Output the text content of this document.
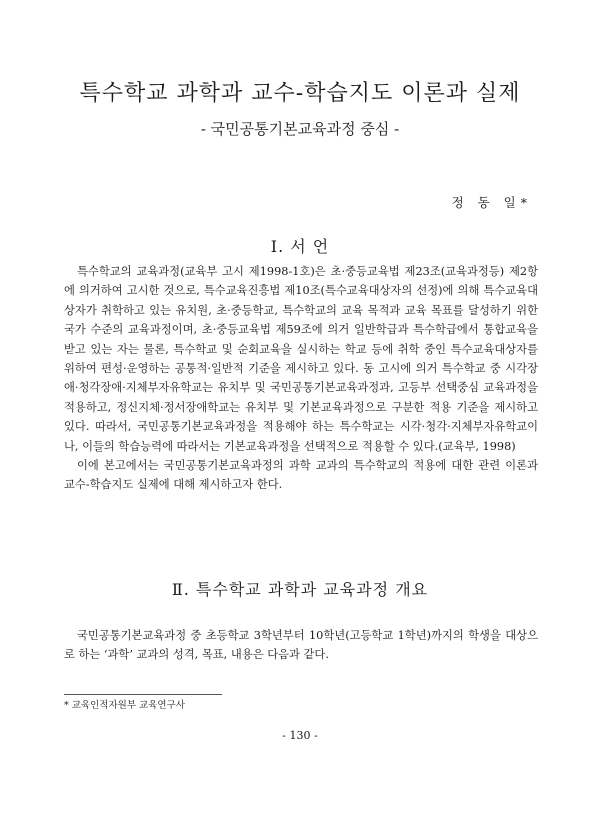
특수학교 과학과 교수-학습지도 이론과 실제
- 국민공통기본교육과정 중심 -
정 동 일*
Ⅰ. 서 언

특수학교의 교육과정(교육부 고시 제1998-1호)은 초·중등교육법 제23조(교육과정등) 제2항에 의거하여 고시한 것으로, 특수교육진흥법 제10조(특수교육대상자의 선정)에 의해 특수교육대상자가 취학하고 있는 유치원, 초·중등학교, 특수학교의 교육 목적과 교육 목표를 달성하기 위한 국가 수준의 교육과정이며, 초·중등교육법 제59조에 의거 일반학급과 특수학급에서 통합교육을 받고 있는 자는 물론, 특수학교 및 순회교육을 실시하는 학교 등에 취학 중인 특수교육대상자를 위하여 편성·운영하는 공통적·일반적 기준을 제시하고 있다. 동 고시에 의거 특수학교 중 시각장애·청각장애·지체부자유학교는 유치부 및 국민공통기본교육과정과, 고등부 선택중심 교육과정을 적용하고, 정신지체·정서장애학교는 유치부 및 기본교육과정으로 구분한 적용 기준을 제시하고 있다. 따라서, 국민공통기본교육과정을 적용해야 하는 특수학교는 시각·청각·지체부자유학교이나, 이들의 학습능력에 따라서는 기본교육과정을 선택적으로 적용할 수 있다.(교육부, 1998)

이에 본고에서는 국민공통기본교육과정의 과학 교과의 특수학교의 적용에 대한 관련 이론과 교수-학습지도 실제에 대해 제시하고자 한다.

Ⅱ. 특수학교 과학과 교육과정 개요

국민공통기본교육과정 중 초등학교 3학년부터 10학년(고등학교 1학년)까지의 학생을 대상으로 하는 ‘과학’ 교과의 성격, 목표, 내용은 다음과 같다.

* 교육인적자원부 교육연구사
- 130 -
